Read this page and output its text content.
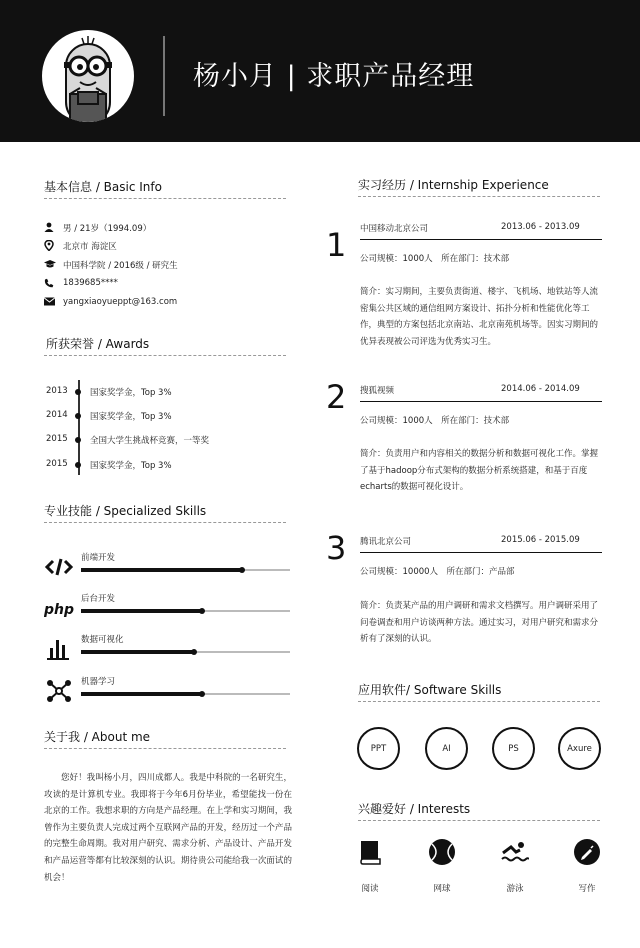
杨小月 | 求职产品经理
基本信息 / Basic Info
男 / 21岁（1994.09）
北京市 海淀区
中国科学院 / 2016级 / 研究生
1839685****
yangxiaoyueppt@163.com
所获荣誉 / Awards
2013	国家奖学金，Top 3%
2014	国家奖学金，Top 3%
2015	全国大学生挑战杯竞赛，一等奖
2015	国家奖学金，Top 3%
专业技能 / Specialized Skills
前端开发
php
后台开发
数据可视化
机器学习
关于我 / About me
您好！我叫杨小月，四川成都人。我是中科院的一名研究生，攻读的是计算机专业。我即将于今年6月份毕业，希望能找一份在北京的工作。我想求职的方向是产品经理。在上学和实习期间，我曾作为主要负责人完成过两个互联网产品的开发，经历过一个产品的完整生命周期。我对用户研究、需求分析、产品设计、产品开发和产品运营等都有比较深刻的认识。期待贵公司能给我一次面试的机会！
实习经历 / Internship Experience
1 中国移动北京公司	2013.06 - 2013.09
公司规模：1000人　所在部门：技术部
简介：实习期间，主要负责街道、楼宇、飞机场、地铁站等人流密集公共区域的通信组网方案设计、拓扑分析和性能优化等工作，典型的方案包括北京南站、北京南苑机场等。因实习期间的优异表现被公司评选为优秀实习生。
2 搜狐视频	2014.06 - 2014.09
公司规模：1000人　所在部门：技术部
简介：负责用户和内容相关的数据分析和数据可视化工作。掌握了基于hadoop分布式架构的数据分析系统搭建，和基于百度echarts的数据可视化设计。
3 腾讯北京公司	2015.06 - 2015.09
公司规模：10000人　所在部门：产品部
简介：负责某产品的用户调研和需求文档撰写。用户调研采用了问卷调查和用户访谈两种方法。通过实习，对用户研究和需求分析有了深刻的认识。
应用软件/ Software Skills
PPT	AI	PS	Axure
兴趣爱好 / Interests
阅读	网球	游泳	写作
